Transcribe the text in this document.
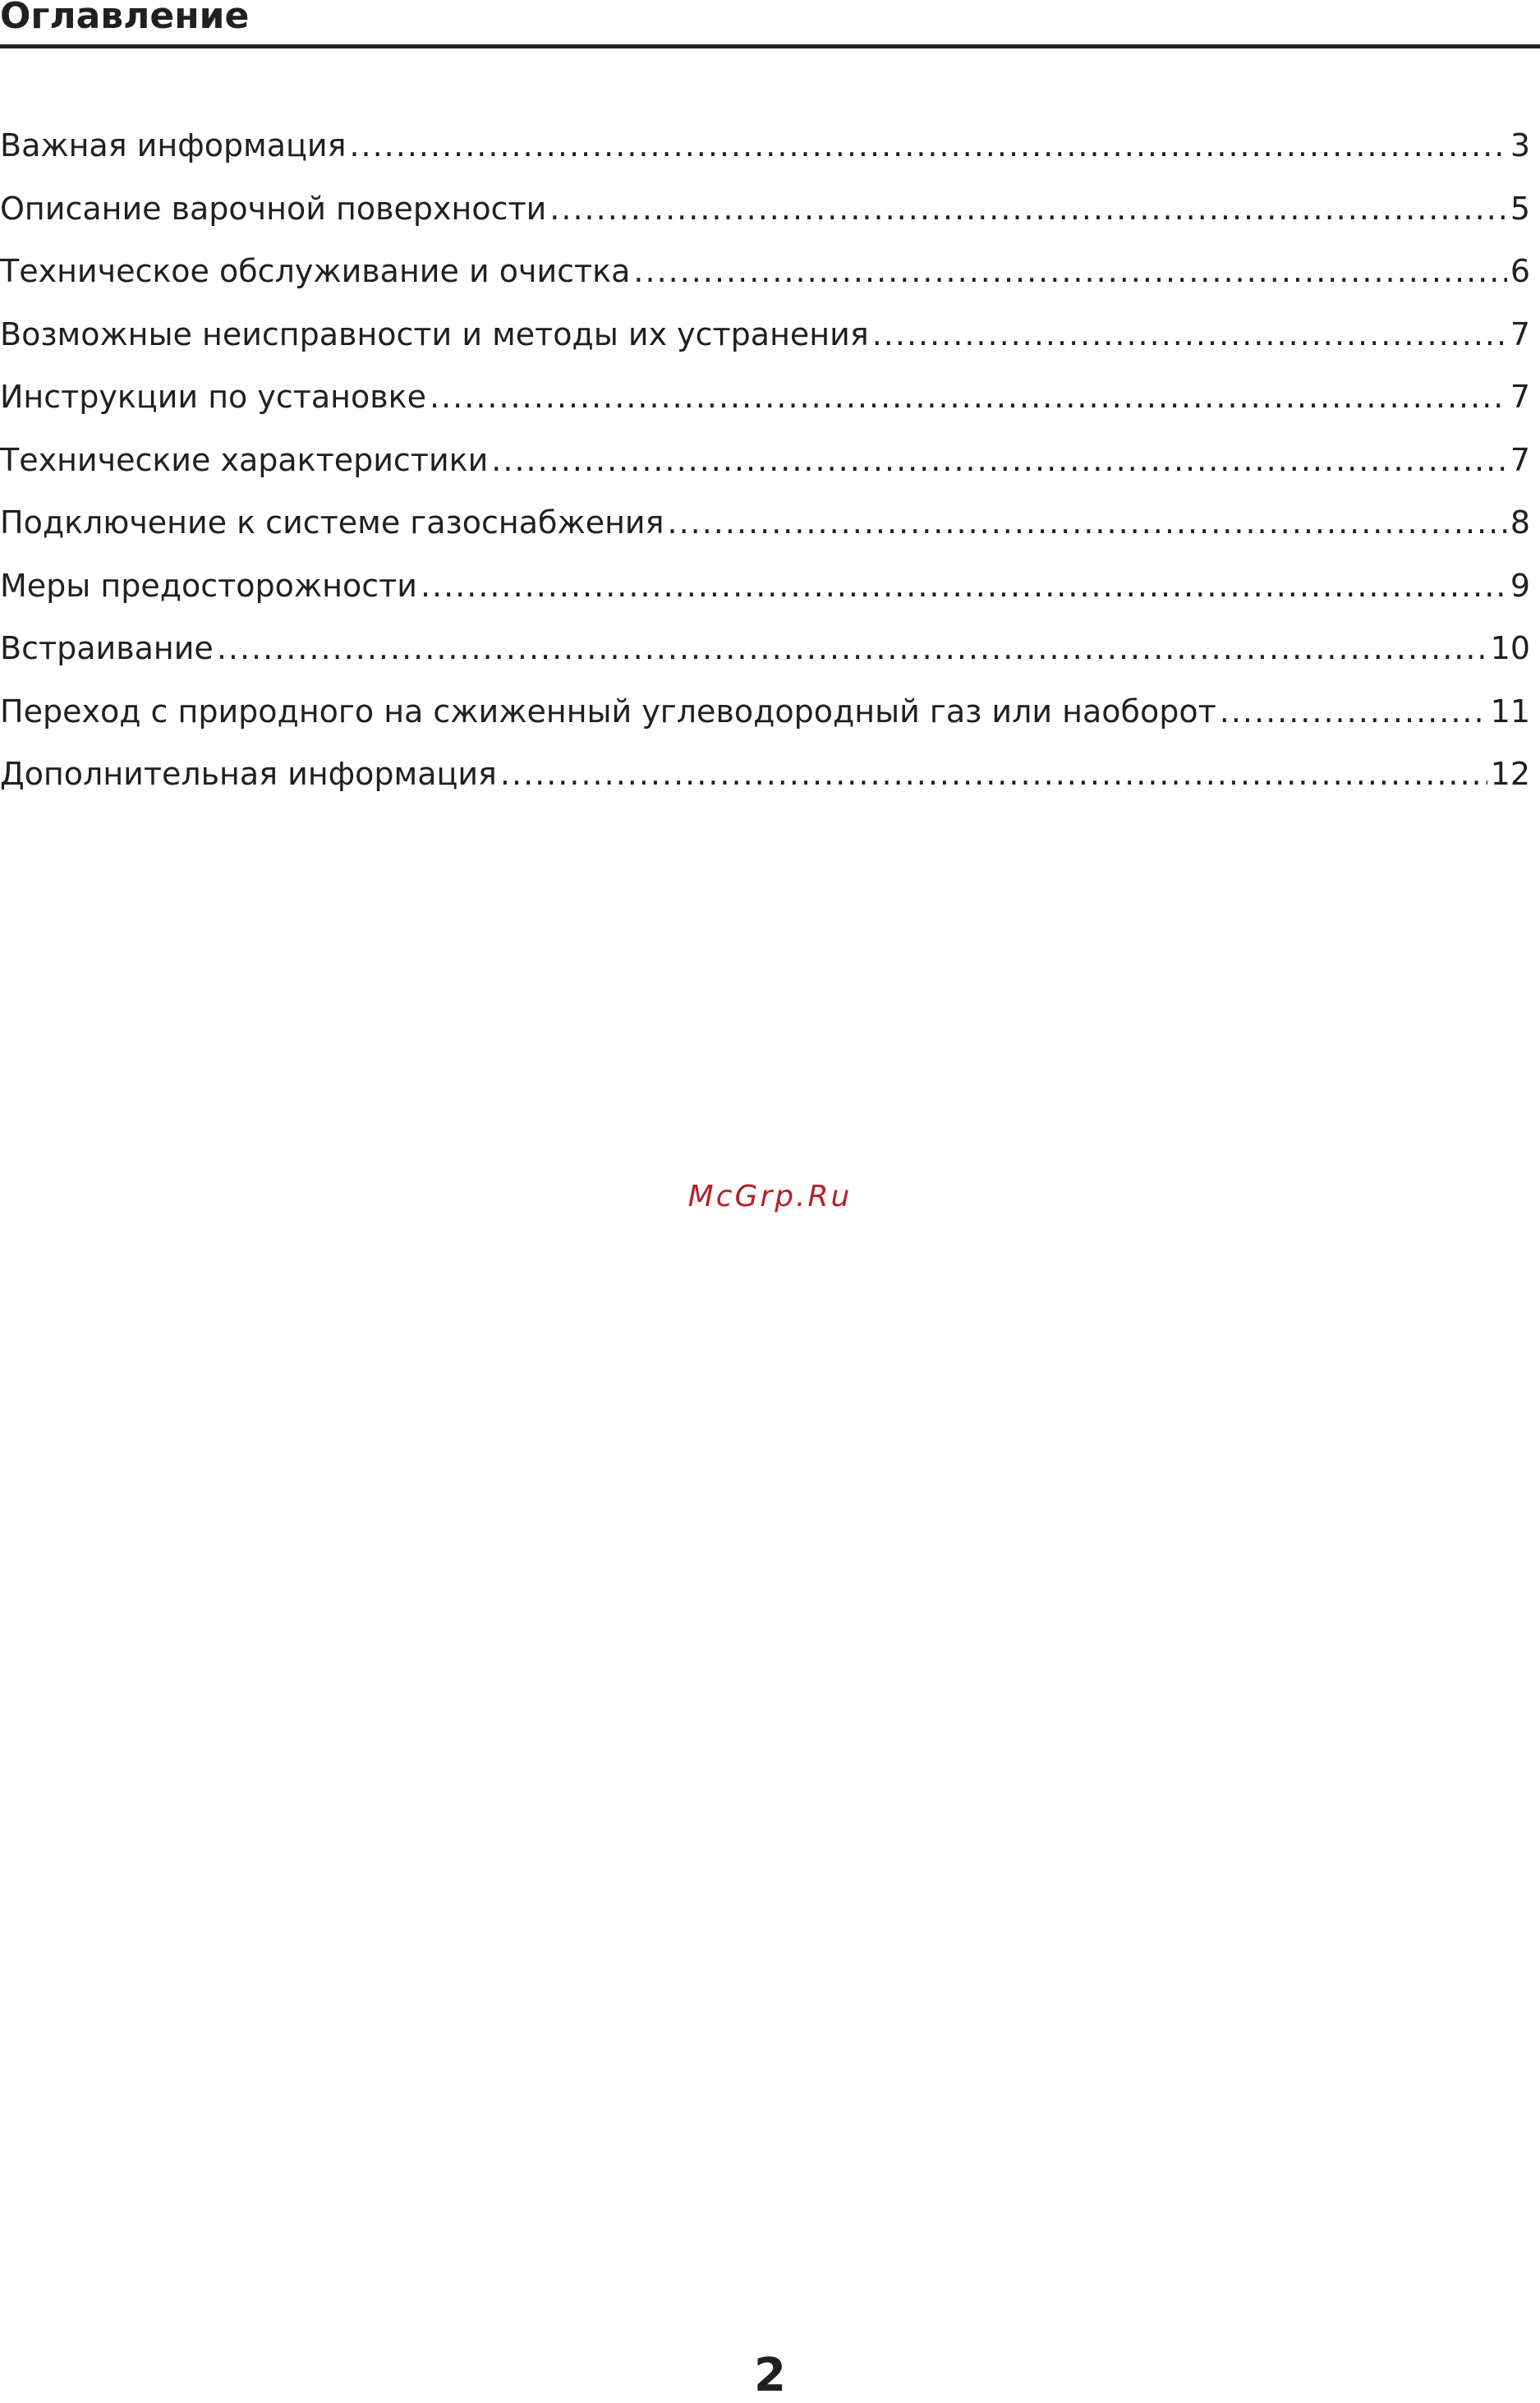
Оглавление
Важная информация .....	3
Описание варочной поверхности .....	5
Техническое обслуживание и очистка .....	6
Возможные неисправности и методы их устранения .....	7
Инструкции по установке .....	7
Технические характеристики .....	7
Подключение к системе газоснабжения .....	8
Меры предосторожности .....	9
Встраивание .....	10
Переход с природного на сжиженный углеводородный газ или наоборот .....	11
Дополнительная информация .....	12
McGrp.Ru
2
